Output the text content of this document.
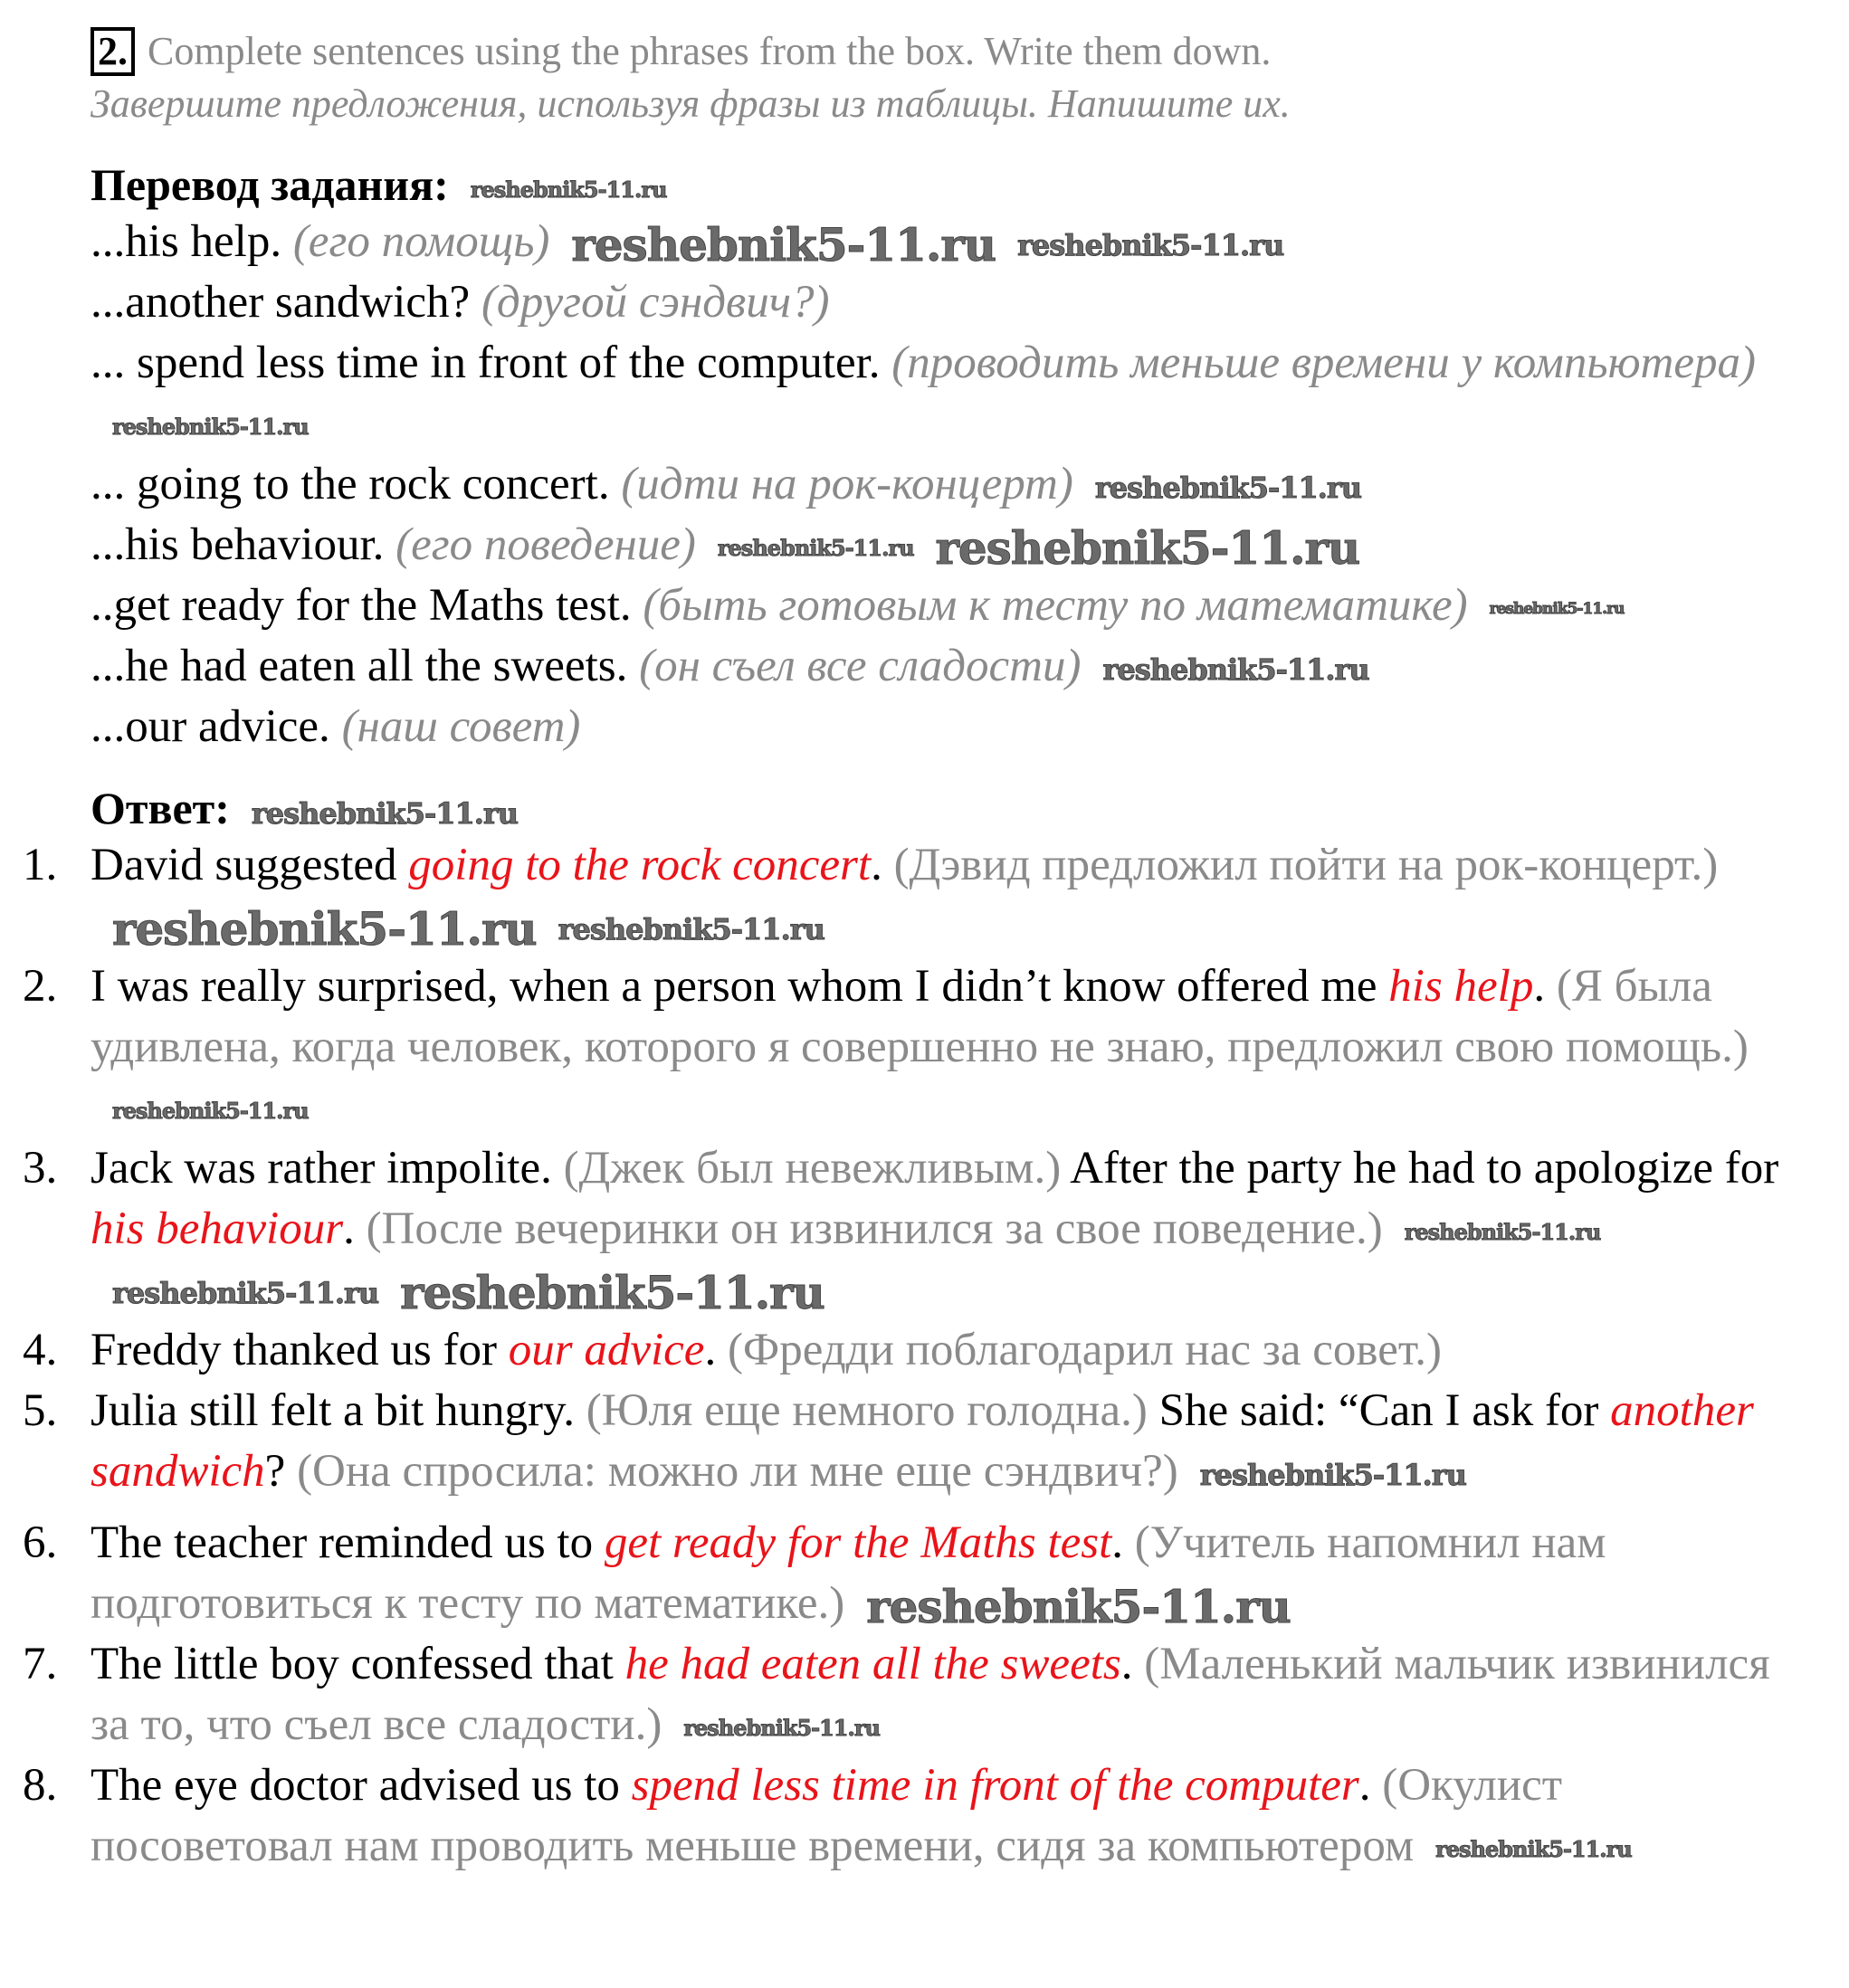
2. Complete sentences using the phrases from the box. Write them down.
Завершите предложения, используя фразы из таблицы. Напишите их.
Перевод задания: reshebnik5-11.ru
...his help. (его помощь) reshebnik5-11.ru reshebnik5-11.ru
...another sandwich? (другой сэндвич?)
... spend less time in front of the computer. (проводить меньше времени у компьютера)reshebnik5-11.ru
... going to the rock concert. (идти на рок-концерт) reshebnik5-11.ru
...his behaviour. (его поведение) reshebnik5-11.ru reshebnik5-11.ru
..get ready for the Maths test. (быть готовым к тесту по математике) reshebnik5-11.ru
...he had eaten all the sweets. (он съел все сладости) reshebnik5-11.ru
...our advice. (наш совет)
Ответ: reshebnik5-11.ru
1. David suggested going to the rock concert. (Дэвид предложил пойти на рок-концерт.)reshebnik5-11.ru reshebnik5-11.ru
2. I was really surprised, when a person whom I didn’t know offered me his help. (Я была удивлена, когда человек, которого я совершенно не знаю, предложил свою помощь.)reshebnik5-11.ru
3. Jack was rather impolite. (Джек был невежливым.) After the party he had to apologize for his behaviour. (После вечеринки он извинился за свое поведение.) reshebnik5-11.rureshebnik5-11.ru reshebnik5-11.ru
4. Freddy thanked us for our advice. (Фредди поблагодарил нас за совет.)
5. Julia still felt a bit hungry. (Юля еще немного голодна.) She said: “Can I ask for another sandwich? (Она спросила: можно ли мне еще сэндвич?) reshebnik5-11.ru
6. The teacher reminded us to get ready for the Maths test. (Учитель напомнил нам подготовиться к тесту по математике.) reshebnik5-11.ru
7. The little boy confessed that he had eaten all the sweets. (Маленький мальчик извинился за то, что съел все сладости.) reshebnik5-11.ru
8. The eye doctor advised us to spend less time in front of the computer. (Окулист посоветовал нам проводить меньше времени, сидя за компьютером reshebnik5-11.ru
